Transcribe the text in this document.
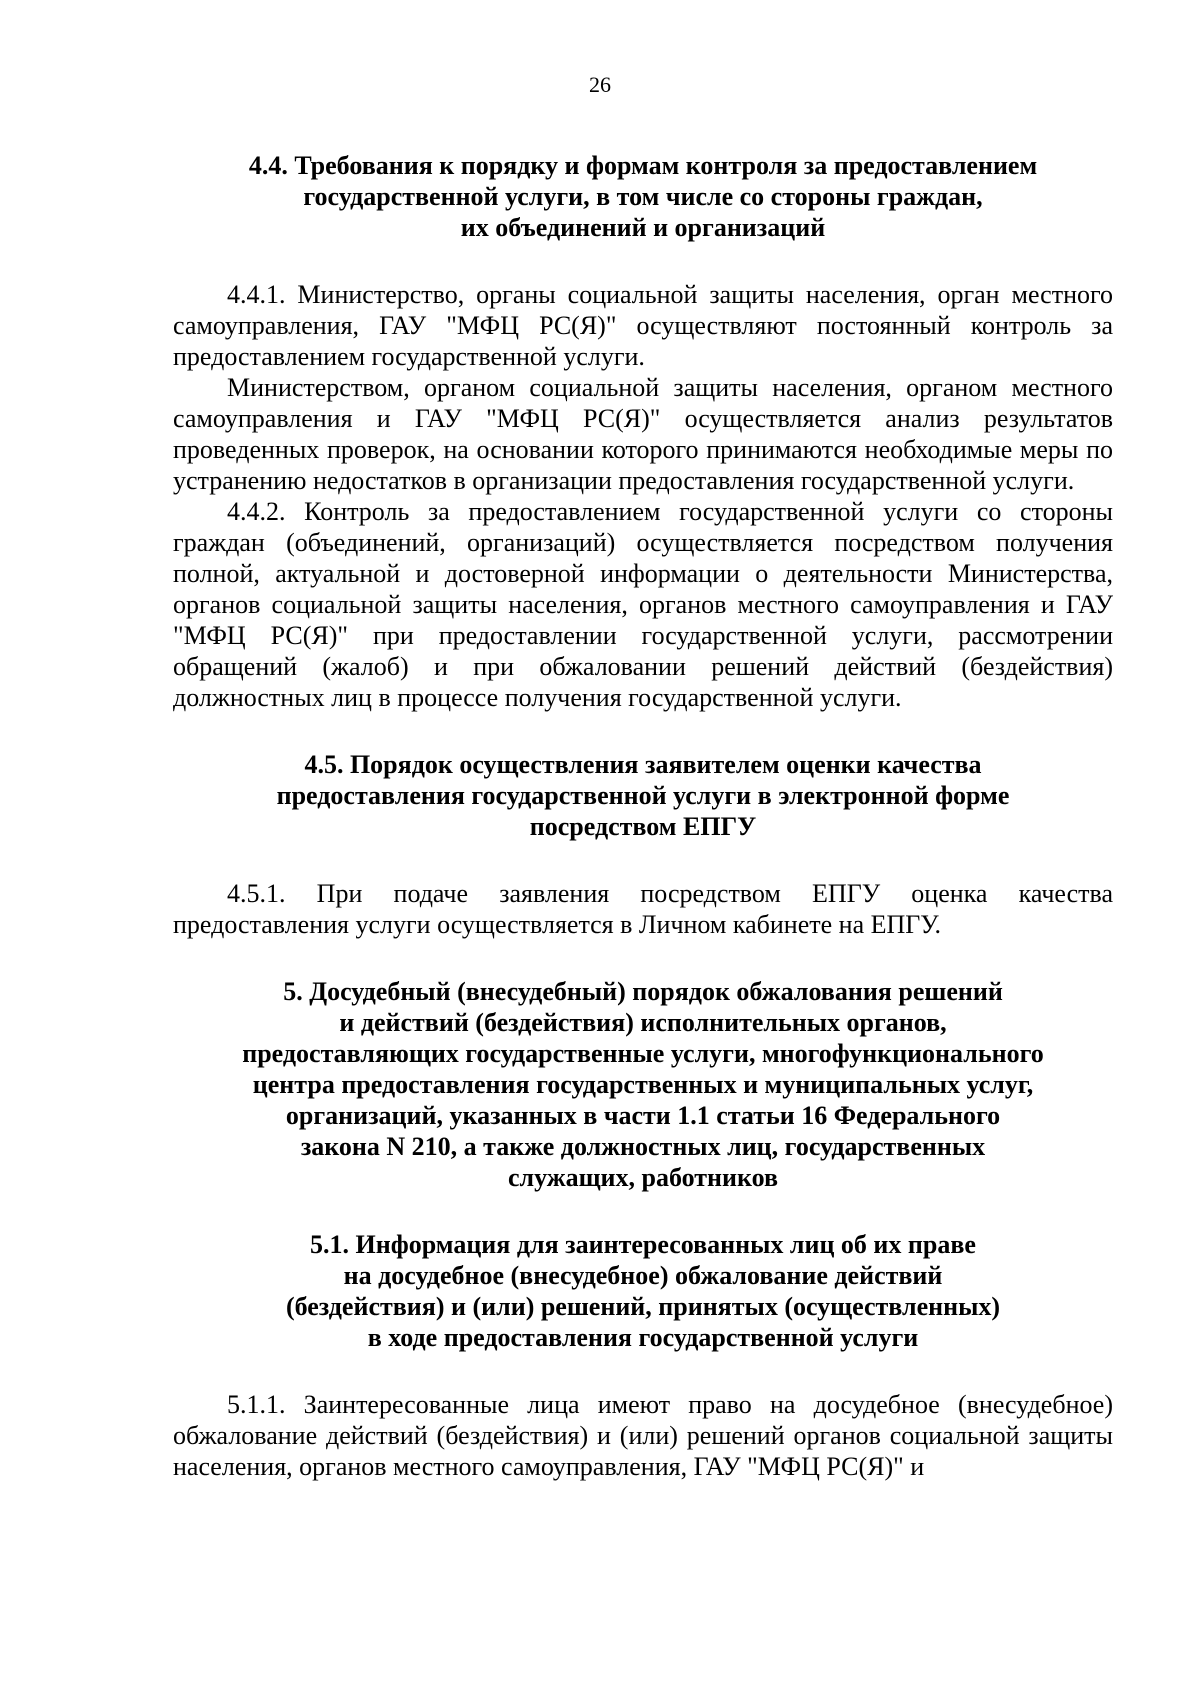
26
4.4. Требования к порядку и формам контроля за предоставлением
государственной услуги, в том числе со стороны граждан,
их объединений и организаций

4.4.1. Министерство, органы социальной защиты населения, орган местного самоуправления, ГАУ "МФЦ РС(Я)" осуществляют постоянный контроль за предоставлением государственной услуги.

Министерством, органом социальной защиты населения, органом местного самоуправления и ГАУ "МФЦ РС(Я)" осуществляется анализ результатов проведенных проверок, на основании которого принимаются необходимые меры по устранению недостатков в организации предоставления государственной услуги.

4.4.2. Контроль за предоставлением государственной услуги со стороны граждан (объединений, организаций) осуществляется посредством получения полной, актуальной и достоверной информации о деятельности Министерства, органов социальной защиты населения, органов местного самоуправления и ГАУ "МФЦ РС(Я)" при предоставлении государственной услуги, рассмотрении обращений (жалоб) и при обжаловании решений действий (бездействия) должностных лиц в процессе получения государственной услуги.

4.5. Порядок осуществления заявителем оценки качества
предоставления государственной услуги в электронной форме
посредством ЕПГУ

4.5.1. При подаче заявления посредством ЕПГУ оценка качества предоставления услуги осуществляется в Личном кабинете на ЕПГУ.

5. Досудебный (внесудебный) порядок обжалования решений
и действий (бездействия) исполнительных органов,
предоставляющих государственные услуги, многофункционального
центра предоставления государственных и муниципальных услуг,
организаций, указанных в части 1.1 статьи 16 Федерального
закона N 210, а также должностных лиц, государственных
служащих, работников
5.1. Информация для заинтересованных лиц об их праве
на досудебное (внесудебное) обжалование действий
(бездействия) и (или) решений, принятых (осуществленных)
в ходе предоставления государственной услуги

5.1.1. Заинтересованные лица имеют право на досудебное (внесудебное) обжалование действий (бездействия) и (или) решений органов социальной защиты населения, органов местного самоуправления, ГАУ "МФЦ РС(Я)" и
